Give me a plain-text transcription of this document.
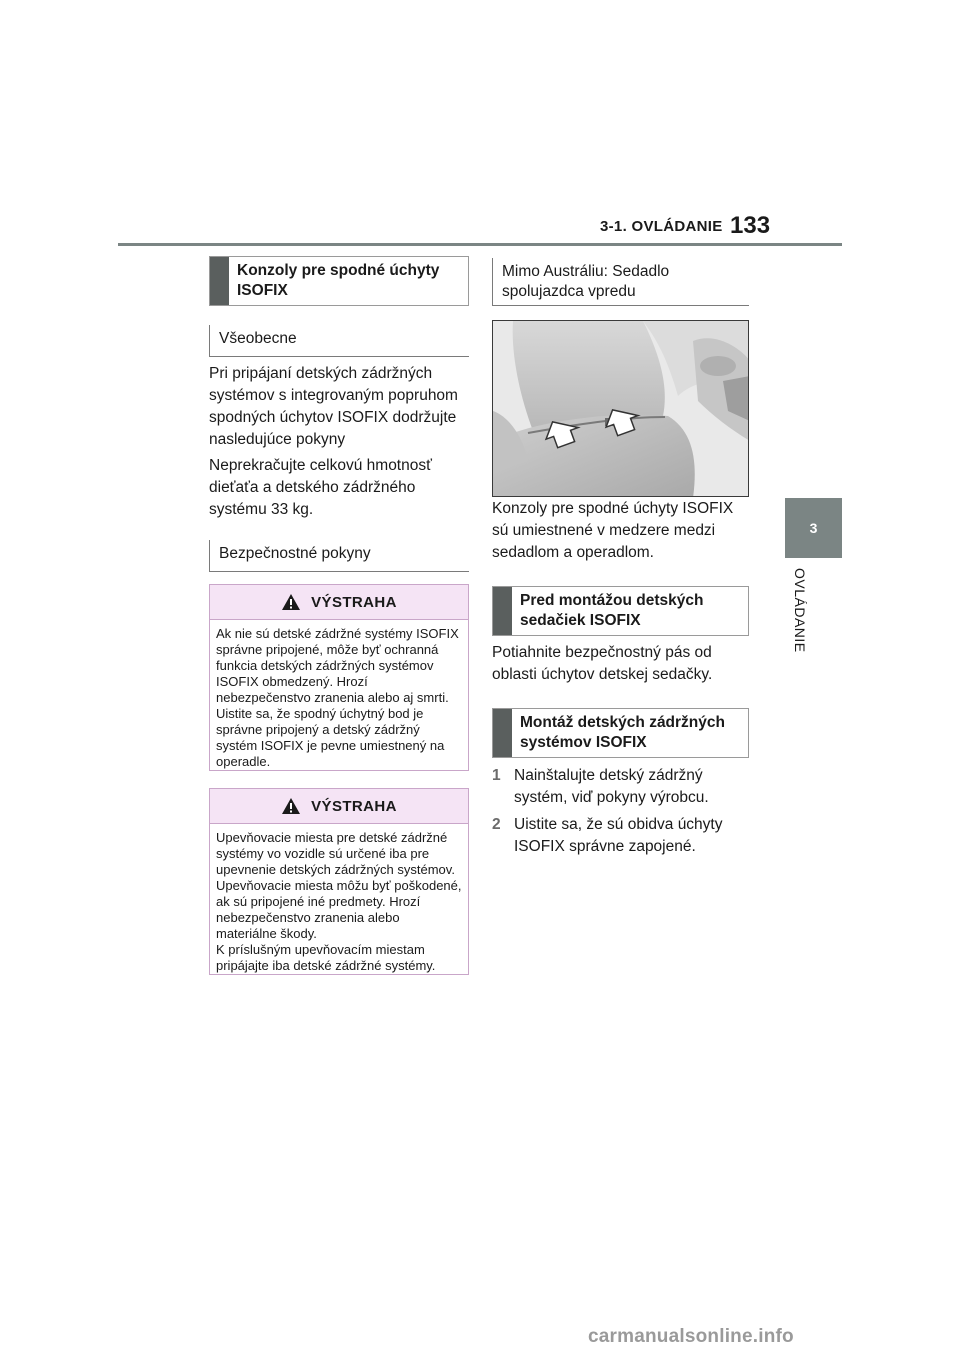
3-1. OVLÁDANIE 133
3
OVLÁDANIE
Konzoly pre spodné úchyty ISOFIX
Všeobecne
Pri pripájaní detských zádržných systémov s integrovaným popruhom spodných úchytov ISOFIX dodržujte nasledujúce pokyny
Neprekračujte celkovú hmotnosť dieťaťa a detského zádržného systému 33 kg.
Bezpečnostné pokyny
VÝSTRAHA
Ak nie sú detské zádržné systémy ISOFIX správne pripojené, môže byť ochranná funkcia detských zádržných systémov ISOFIX obmedzený. Hrozí nebezpečenstvo zranenia alebo aj smrti. Uistite sa, že spodný úchytný bod je správne pripojený a detský zádržný systém ISOFIX je pevne umiestnený na operadle.
VÝSTRAHA
Upevňovacie miesta pre detské zádržné systémy vo vozidle sú určené iba pre upevnenie detských zádržných systémov. Upevňovacie miesta môžu byť poškodené, ak sú pripojené iné predmety. Hrozí nebezpečenstvo zranenia alebo materiálne škody.
K príslušným upevňovacím miestam pripájajte iba detské zádržné systémy.
Mimo Austráliu: Sedadlo spolujazdca vpredu
Konzoly pre spodné úchyty ISOFIX sú umiestnené v medzere medzi sedadlom a operadlom.
Pred montážou detských sedačiek ISOFIX
Potiahnite bezpečnostný pás od oblasti úchytov detskej sedačky.
Montáž detských zádržných systémov ISOFIX
1 Nainštalujte detský zádržný systém, viď pokyny výrobcu.
2 Uistite sa, že sú obidva úchyty ISOFIX správne zapojené.
carmanualsonline.info
